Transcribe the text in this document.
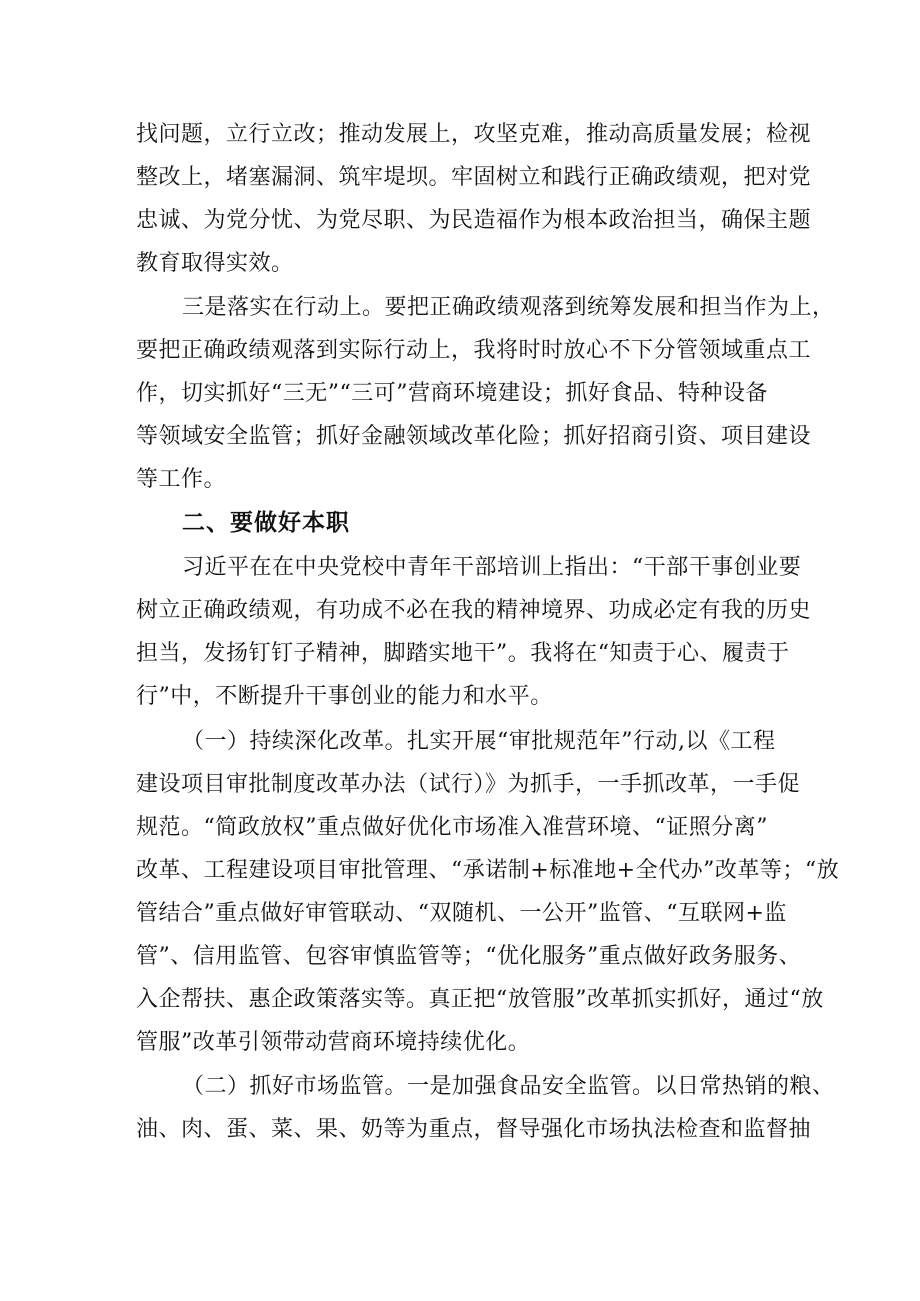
找问题，立行立改；推动发展上，攻坚克难，推动高质量发展；检视
整改上，堵塞漏洞、筑牢堤坝。牢固树立和践行正确政绩观，把对党
忠诚、为党分忧、为党尽职、为民造福作为根本政治担当，确保主题
教育取得实效。
三是落实在行动上。要把正确政绩观落到统筹发展和担当作为上，
要把正确政绩观落到实际行动上，我将时时放心不下分管领域重点工
作，切实抓好“三无”“三可”营商环境建设；抓好食品、特种设备
等领域安全监管；抓好金融领域改革化险；抓好招商引资、项目建设
等工作。
二、要做好本职
习近平在在中央党校中青年干部培训上指出：“干部干事创业要
树立正确政绩观，有功成不必在我的精神境界、功成必定有我的历史
担当，发扬钉钉子精神，脚踏实地干”。我将在“知责于心、履责于
行”中，不断提升干事创业的能力和水平。
（一）持续深化改革。扎实开展“审批规范年”行动,以《工程
建设项目审批制度改革办法（试行）》为抓手，一手抓改革，一手促
规范。“简政放权”重点做好优化市场准入准营环境、“证照分离”
改革、工程建设项目审批管理、“承诺制+标准地+全代办”改革等；“放
管结合”重点做好审管联动、“双随机、一公开”监管、“互联网+监
管”、信用监管、包容审慎监管等；“优化服务”重点做好政务服务、
入企帮扶、惠企政策落实等。真正把“放管服”改革抓实抓好，通过“放
管服”改革引领带动营商环境持续优化。
（二）抓好市场监管。一是加强食品安全监管。以日常热销的粮、
油、肉、蛋、菜、果、奶等为重点，督导强化市场执法检查和监督抽
